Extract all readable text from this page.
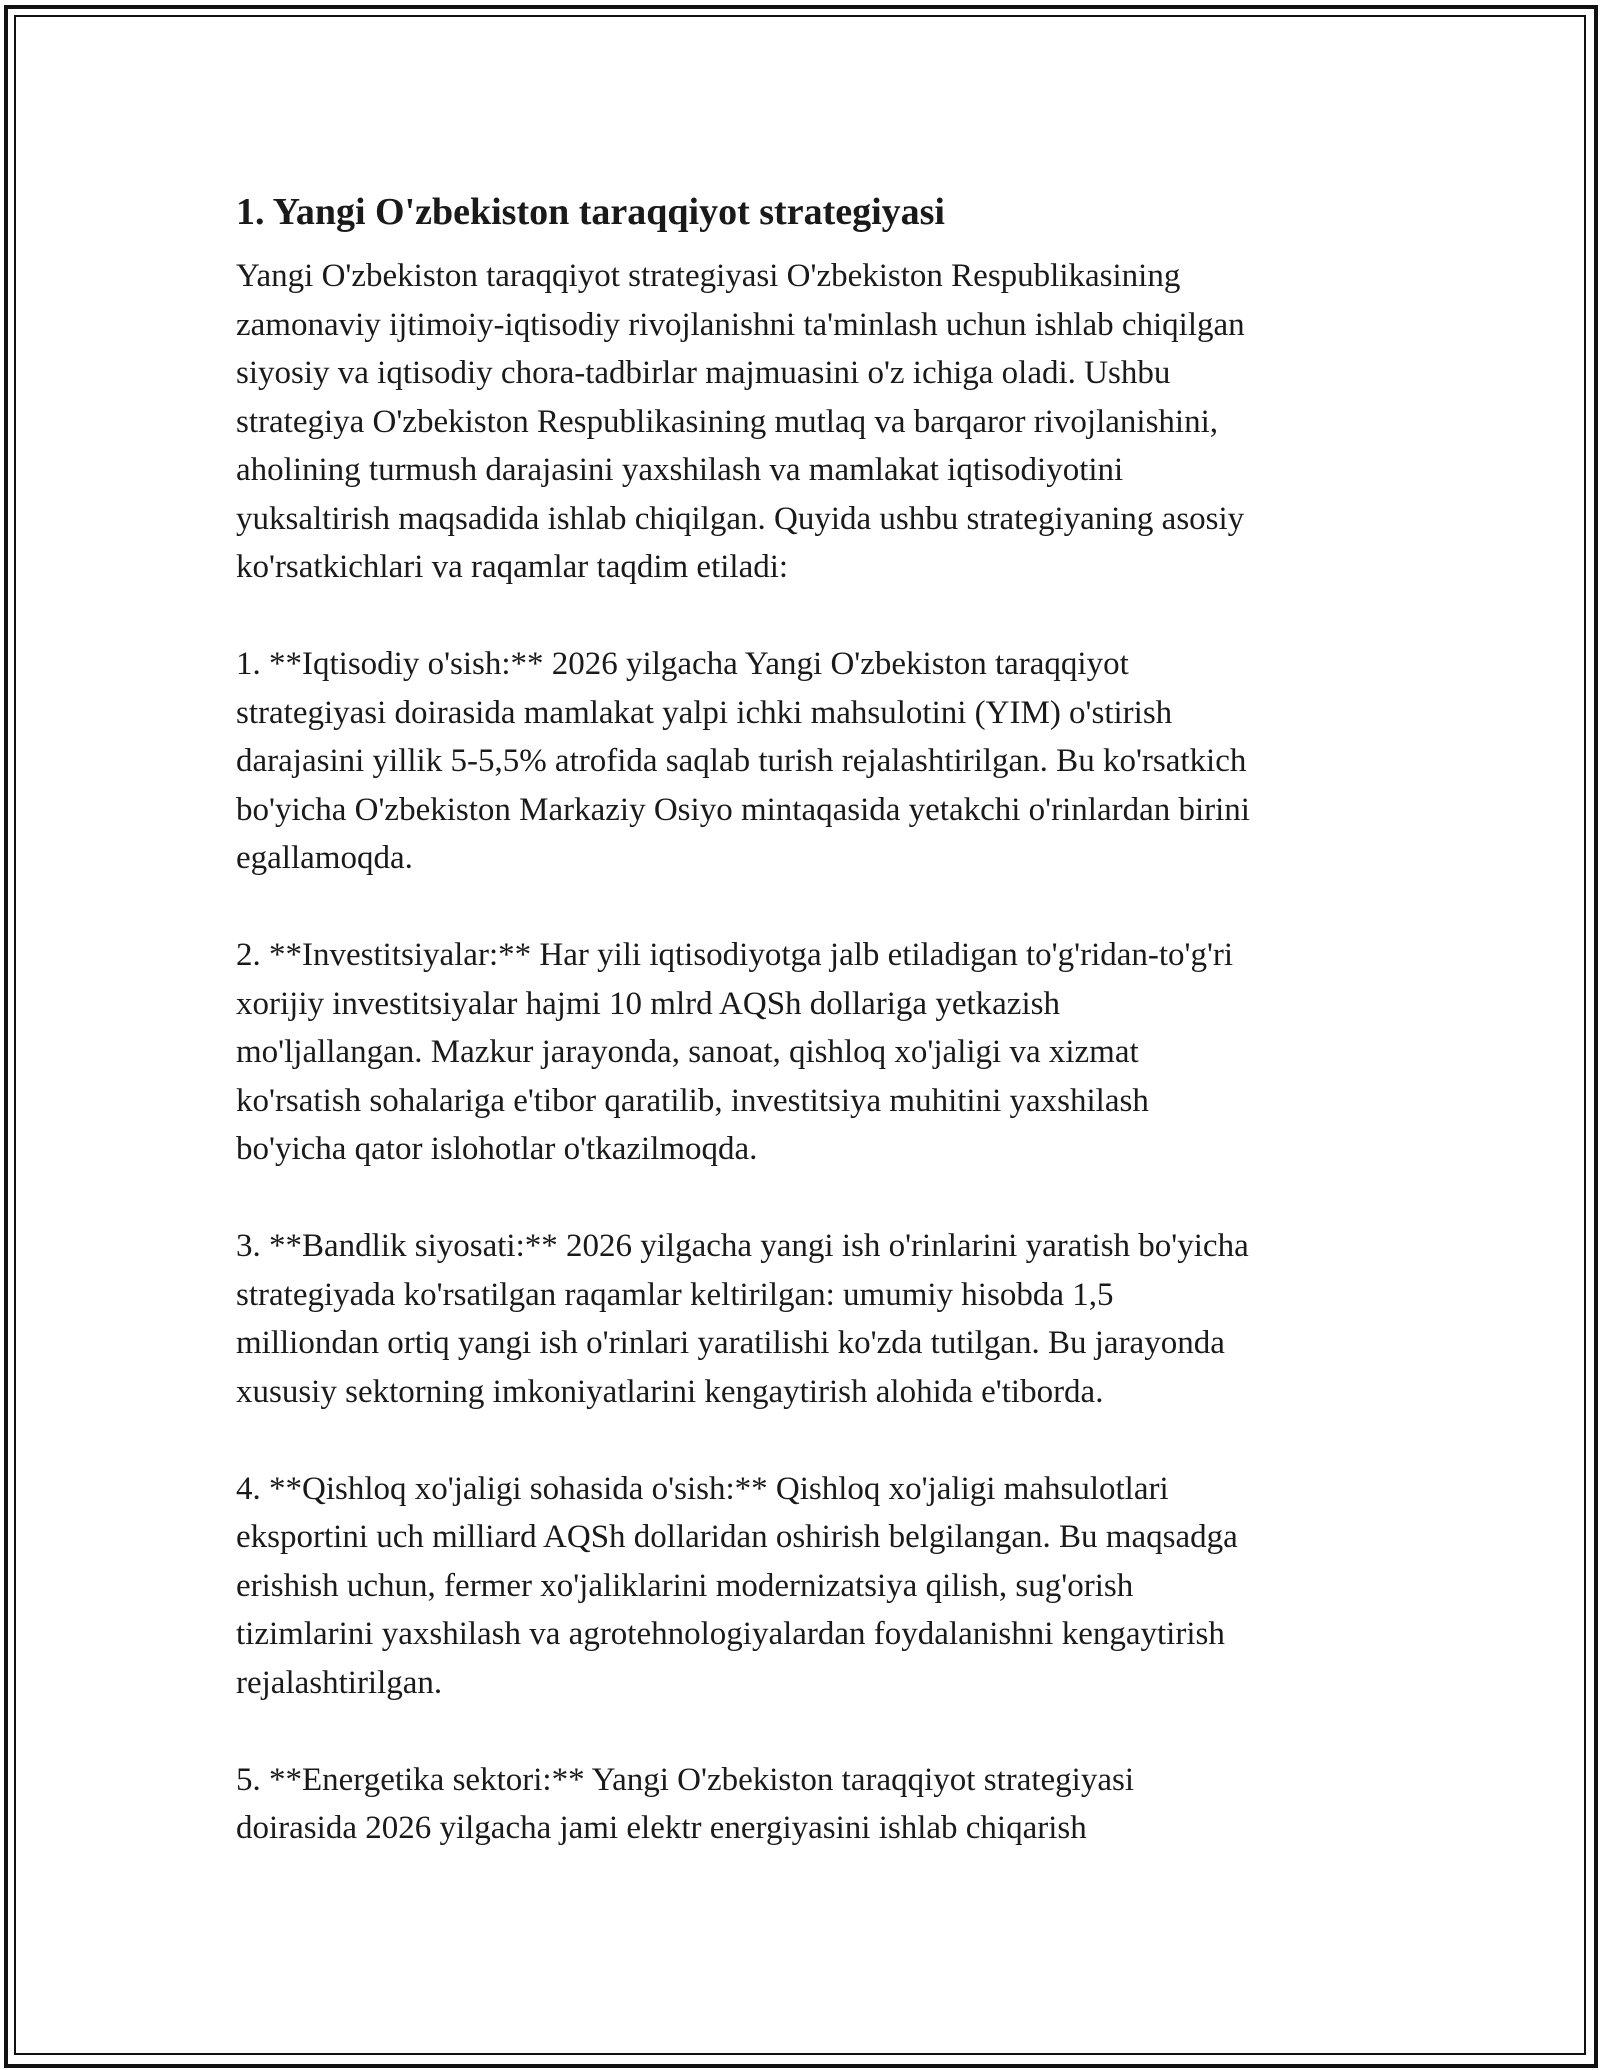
1. Yangi O'zbekiston taraqqiyot strategiyasi

Yangi O'zbekiston taraqqiyot strategiyasi O'zbekiston Respublikasining
zamonaviy ijtimoiy-iqtisodiy rivojlanishni ta'minlash uchun ishlab chiqilgan
siyosiy va iqtisodiy chora-tadbirlar majmuasini o'z ichiga oladi. Ushbu
strategiya O'zbekiston Respublikasining mutlaq va barqaror rivojlanishini,
aholining turmush darajasini yaxshilash va mamlakat iqtisodiyotini
yuksaltirish maqsadida ishlab chiqilgan. Quyida ushbu strategiyaning asosiy
ko'rsatkichlari va raqamlar taqdim etiladi:

1. **Iqtisodiy o'sish:** 2026 yilgacha Yangi O'zbekiston taraqqiyot
strategiyasi doirasida mamlakat yalpi ichki mahsulotini (YIM) o'stirish
darajasini yillik 5-5,5% atrofida saqlab turish rejalashtirilgan. Bu ko'rsatkich
bo'yicha O'zbekiston Markaziy Osiyo mintaqasida yetakchi o'rinlardan birini
egallamoqda.

2. **Investitsiyalar:** Har yili iqtisodiyotga jalb etiladigan to'g'ridan-to'g'ri
xorijiy investitsiyalar hajmi 10 mlrd AQSh dollariga yetkazish
mo'ljallangan. Mazkur jarayonda, sanoat, qishloq xo'jaligi va xizmat
ko'rsatish sohalariga e'tibor qaratilib, investitsiya muhitini yaxshilash
bo'yicha qator islohotlar o'tkazilmoqda.

3. **Bandlik siyosati:** 2026 yilgacha yangi ish o'rinlarini yaratish bo'yicha
strategiyada ko'rsatilgan raqamlar keltirilgan: umumiy hisobda 1,5
milliondan ortiq yangi ish o'rinlari yaratilishi ko'zda tutilgan. Bu jarayonda
xususiy sektorning imkoniyatlarini kengaytirish alohida e'tiborda.

4. **Qishloq xo'jaligi sohasida o'sish:** Qishloq xo'jaligi mahsulotlari
eksportini uch milliard AQSh dollaridan oshirish belgilangan. Bu maqsadga
erishish uchun, fermer xo'jaliklarini modernizatsiya qilish, sug'orish
tizimlarini yaxshilash va agrotehnologiyalardan foydalanishni kengaytirish
rejalashtirilgan.

5. **Energetika sektori:** Yangi O'zbekiston taraqqiyot strategiyasi
doirasida 2026 yilgacha jami elektr energiyasini ishlab chiqarish
